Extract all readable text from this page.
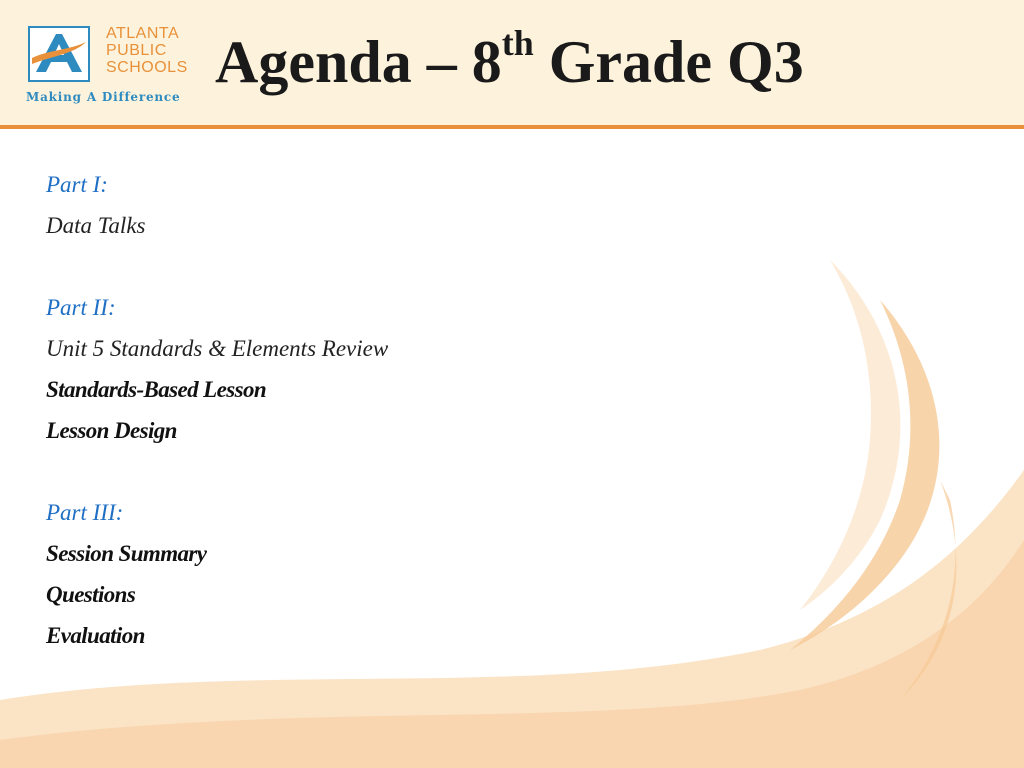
ATLANTA
PUBLIC
SCHOOLS
Making A Difference
Agenda – 8th Grade Q3
Part I:
Data Talks
Part II:
Unit 5 Standards & Elements Review
Standards-Based Lesson
Lesson Design
Part III:
Session Summary
Questions
Evaluation
